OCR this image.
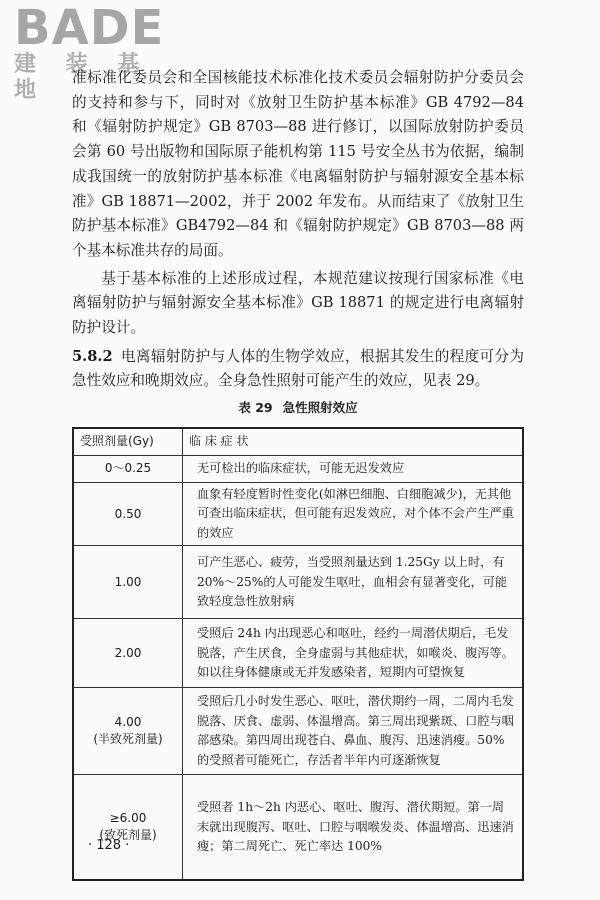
BADE
建 装 基 地

准标准化委员会和全国核能技术标准化技术委员会辐射防护分委员会的支持和参与下，同时对《放射卫生防护基本标准》GB 4792—84 和《辐射防护规定》GB 8703—88 进行修订，以国际放射防护委员会第 60 号出版物和国际原子能机构第 115 号安全丛书为依据，编制成我国统一的放射防护基本标准《电离辐射防护与辐射源安全基本标准》GB 18871—2002，并于 2002 年发布。从而结束了《放射卫生防护基本标准》GB4792—84 和《辐射防护规定》GB 8703—88 两个基本标准共存的局面。

基于基本标准的上述形成过程，本规范建议按现行国家标准《电离辐射防护与辐射源安全基本标准》GB 18871 的规定进行电离辐射防护设计。

5.8.2 电离辐射防护与人体的生物学效应，根据其发生的程度可分为急性效应和晚期效应。全身急性照射可能产生的效应，见表 29。

表 29 急性照射效应
受照剂量(Gy)	临 床 症 状
0～0.25	无可检出的临床症状，可能无迟发效应
0.50	血象有轻度暂时性变化(如淋巴细胞、白细胞减少)，无其他可查出临床症状，但可能有迟发效应，对个体不会产生严重的效应
1.00	可产生恶心、疲劳，当受照剂量达到 1.25Gy 以上时，有 20%～25%的人可能发生呕吐，血相会有显著变化，可能致轻度急性放射病
2.00	受照后 24h 内出现恶心和呕吐，经约一周潜伏期后，毛发脱落，产生厌食，全身虚弱与其他症状，如喉炎、腹泻等。如以往身体健康或无并发感染者，短期内可望恢复

4.00
(半致死剂量)	受照后几小时发生恶心、呕吐，潜伏期约一周，二周内毛发脱落、厌食、虚弱、体温增高。第三周出现紫斑、口腔与咽部感染。第四周出现苍白、鼻血、腹泻、迅速消瘦。50%的受照者可能死亡，存活者半年内可逐渐恢复

≥6.00
(致死剂量)	受照者 1h～2h 内恶心、呕吐、腹泻、潜伏期短。第一周末就出现腹泻、呕吐、口腔与咽喉发炎、体温增高、迅速消瘦；第二周死亡、死亡率达 100%
· 128 ·
